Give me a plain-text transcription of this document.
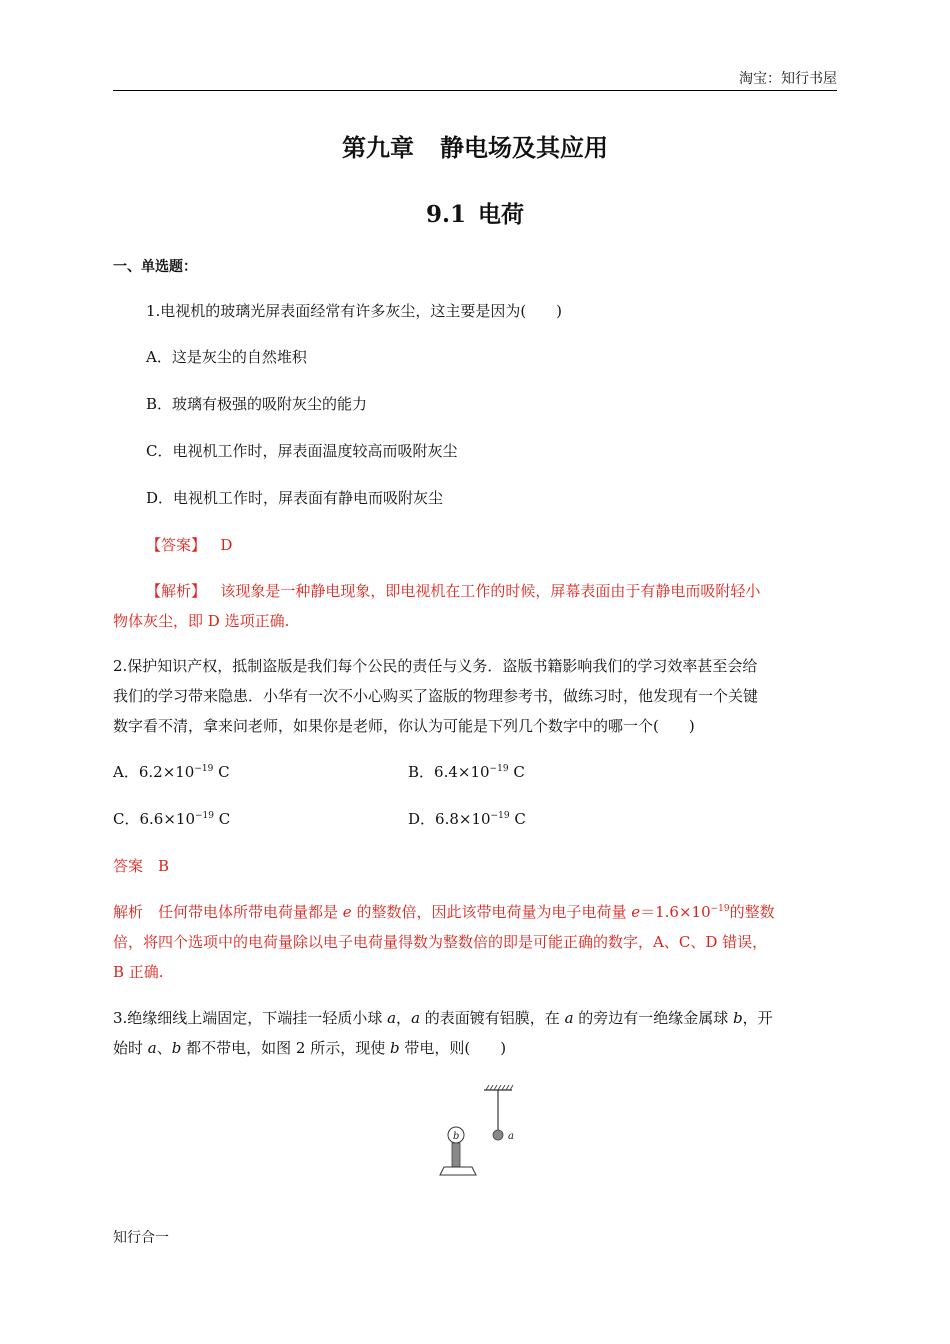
淘宝：知行书屋
第九章 静电场及其应用
9.1 电荷
一、单选题：
1.电视机的玻璃光屏表面经常有许多灰尘，这主要是因为(　　)
A．这是灰尘的自然堆积
B．玻璃有极强的吸附灰尘的能力
C．电视机工作时，屏表面温度较高而吸附灰尘
D．电视机工作时，屏表面有静电而吸附灰尘
【答案】 D
【解析】 该现象是一种静电现象，即电视机在工作的时候，屏幕表面由于有静电而吸附轻小
物体灰尘，即 D 选项正确.
2.保护知识产权，抵制盗版是我们每个公民的责任与义务．盗版书籍影响我们的学习效率甚至会给
我们的学习带来隐患．小华有一次不小心购买了盗版的物理参考书，做练习时，他发现有一个关键
数字看不清，拿来问老师，如果你是老师，你认为可能是下列几个数字中的哪一个(　　)
A．$6.2\times 10^{-19}$ C	B．$6.4\times 10^{-19}$ C
C．$6.6\times 10^{-19}$ C	D．$6.8\times 10^{-19}$ C
答案　B
解析　任何带电体所带电荷量都是 e 的整数倍，因此该带电荷量为电子电荷量 $e=1.6\times 10^{-19}$的整数
倍，将四个选项中的电荷量除以电子电荷量得数为整数倍的即是可能正确的数字，A、C、D 错误，
B 正确.
3.绝缘细线上端固定，下端挂一轻质小球 a，a 的表面镀有铝膜，在 a 的旁边有一绝缘金属球 b，开
始时 a、b 都不带电，如图 2 所示，现使 b 带电，则(　　)
a
b
知行合一
